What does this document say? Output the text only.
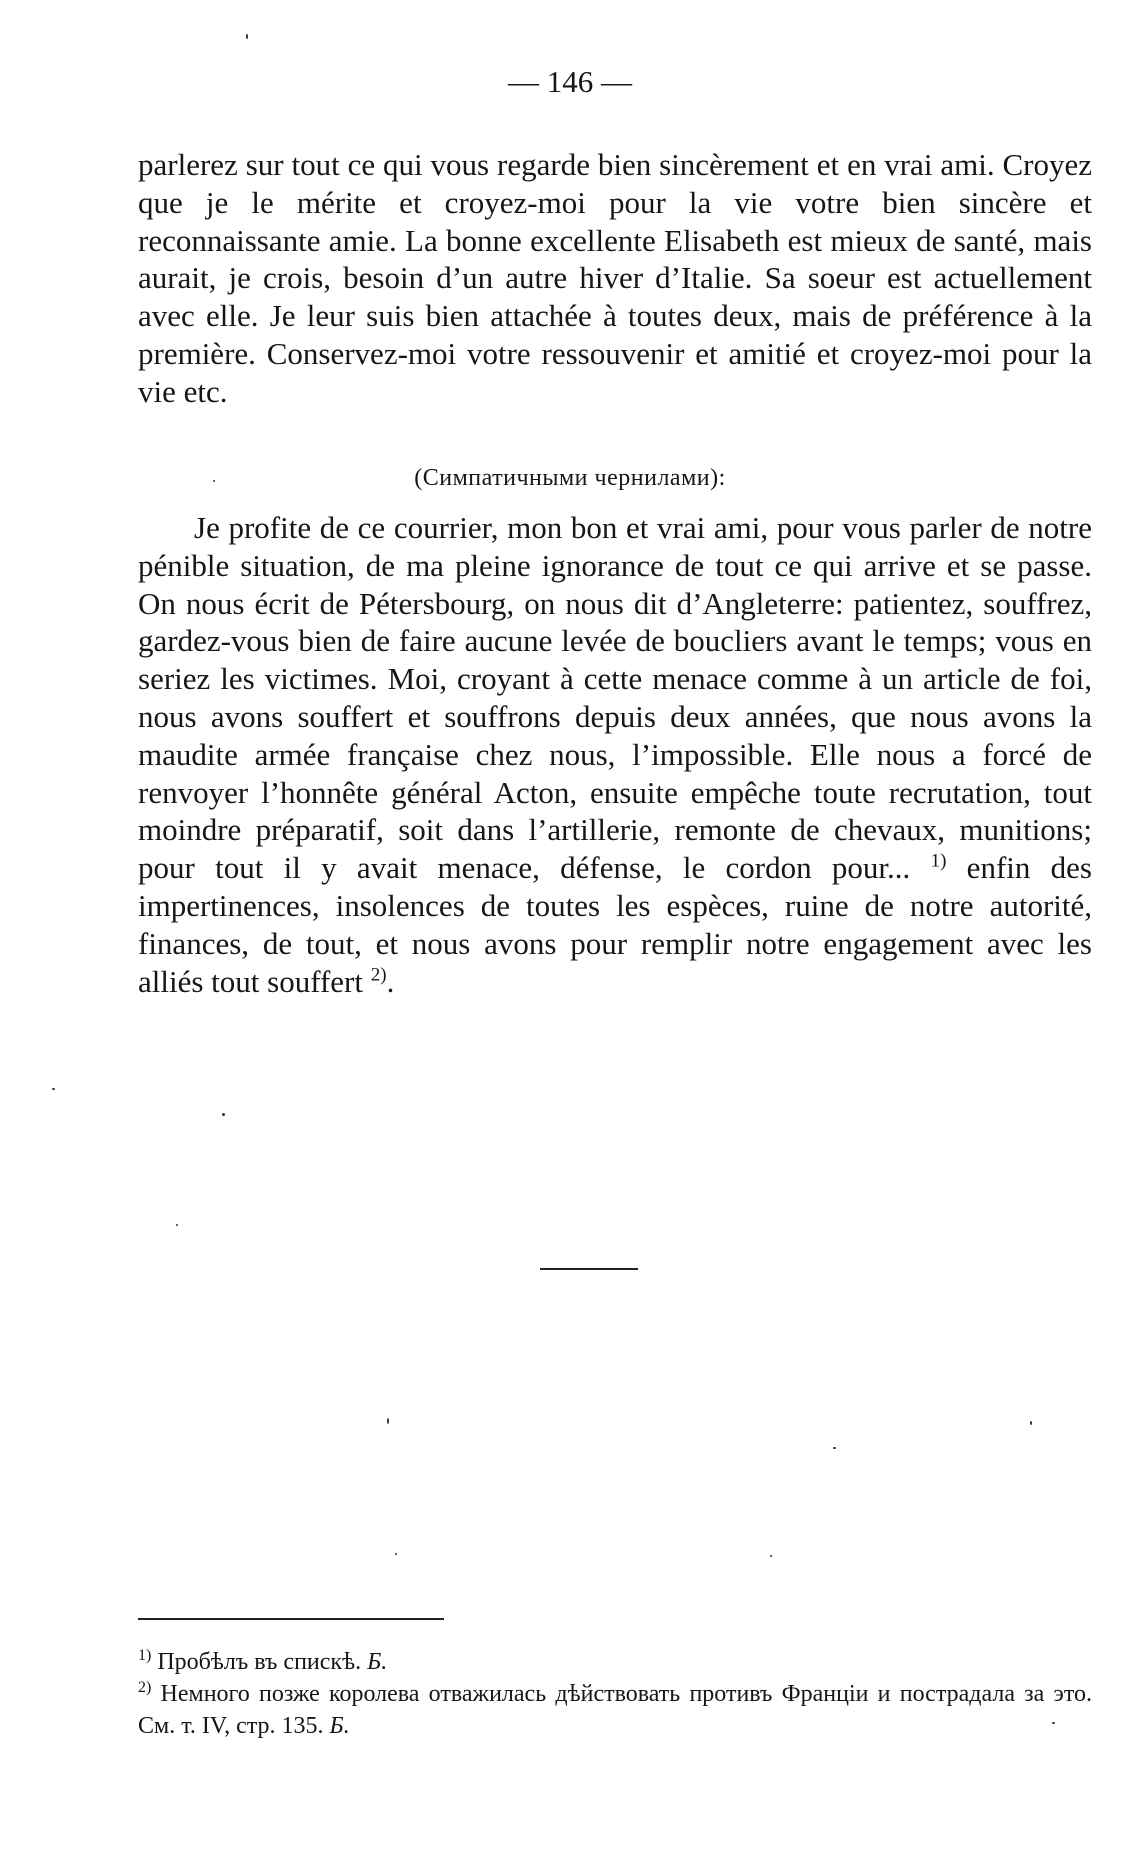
— 146 —

parlerez sur tout ce qui vous regarde bien sincèrement et en vrai ami. Croyez que je le mérite et croyez-moi pour la vie votre bien sincère et reconnaissante amie. La bonne excellente Elisabeth est mieux de santé, mais aurait, je crois, besoin d’un autre hiver d’Italie. Sa soeur est actuellement avec elle. Je leur suis bien attachée à toutes deux, mais de préférence à la première. Conservez-moi votre ressouvenir et amitié et croyez-moi pour la vie etc.

(Симпатичными чернилами):

Je profite de ce courrier, mon bon et vrai ami, pour vous parler de notre pénible situation, de ma pleine ignorance de tout ce qui arrive et se passe. On nous écrit de Pétersbourg, on nous dit d’Angleterre: patientez, souffrez, gardez-vous bien de faire aucune levée de boucliers avant le temps; vous en seriez les victimes. Moi, croyant à cette menace comme à un article de foi, nous avons souffert et souffrons depuis deux années, que nous avons la maudite armée française chez nous, l’impossible. Elle nous a forcé de renvoyer l’honnête général Acton, ensuite empêche toute recrutation, tout moindre préparatif, soit dans l’artillerie, remonte de chevaux, munitions; pour tout il y avait menace, défense, le cordon pour... $^{1)}$ enfin des impertinences, insolences de toutes les espèces, ruine de notre autorité, finances, de tout, et nous avons pour remplir notre engagement avec les alliés tout souffert $^{2)}$.

$^{1)}$ Пробѣлъ въ спискѣ. Б.

$^{2)}$ Немного позже королева отважилась дѣйствовать противъ Франціи и пострадала за это. См. т. IV, стр. 135. Б.
